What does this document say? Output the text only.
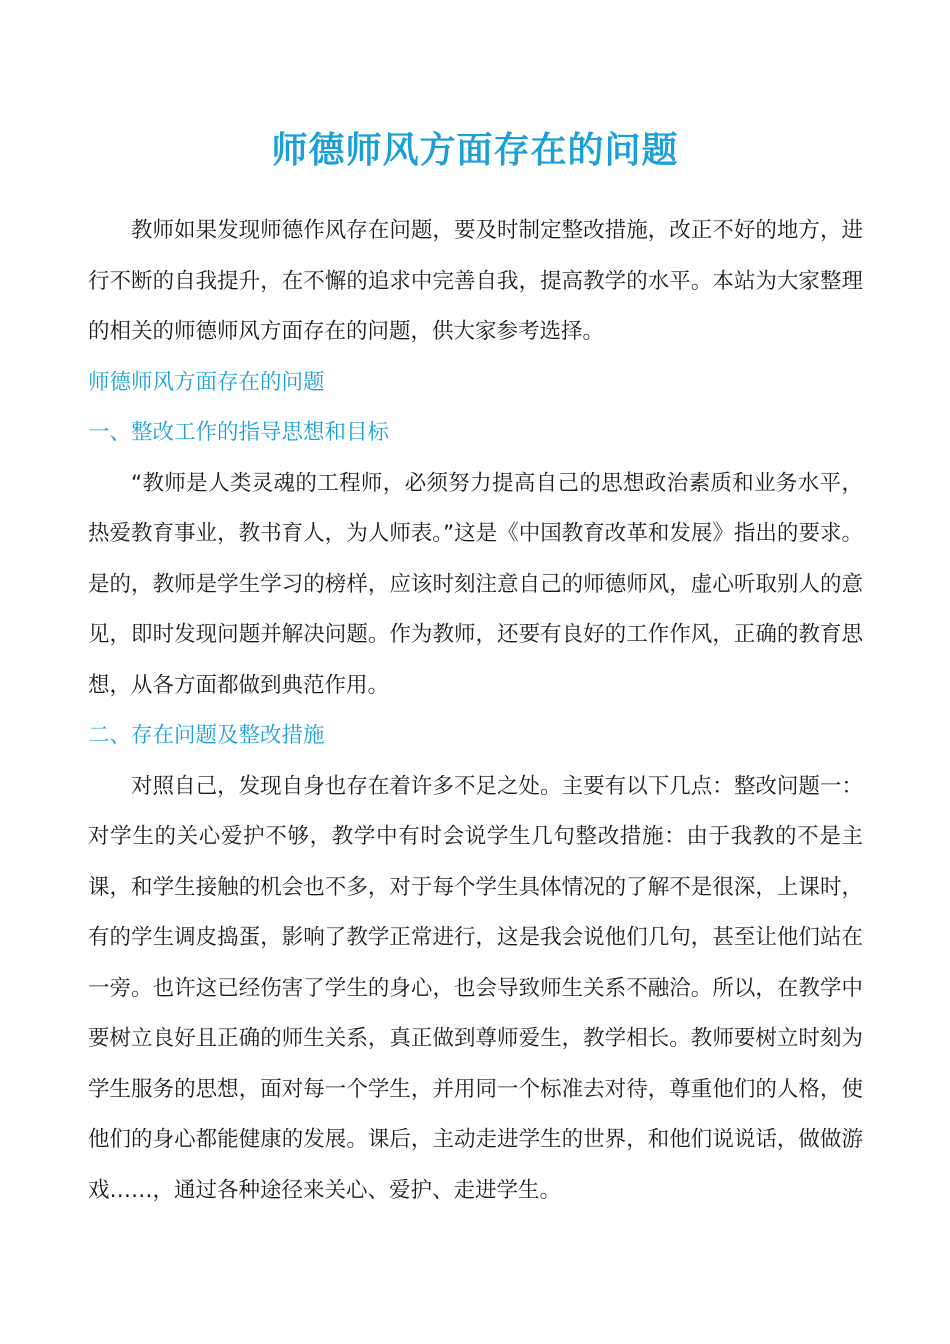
师德师风方面存在的问题

教师如果发现师德作风存在问题，要及时制定整改措施，改正不好的地方，进行不断的自我提升，在不懈的追求中完善自我，提高教学的水平。本站为大家整理的相关的师德师风方面存在的问题，供大家参考选择。

师德师风方面存在的问题

一、整改工作的指导思想和目标

“教师是人类灵魂的工程师，必须努力提高自己的思想政治素质和业务水平，热爱教育事业，教书育人，为人师表。”这是《中国教育改革和发展》指出的要求。是的，教师是学生学习的榜样，应该时刻注意自己的师德师风，虚心听取别人的意见，即时发现问题并解决问题。作为教师，还要有良好的工作作风，正确的教育思想，从各方面都做到典范作用。

二、存在问题及整改措施

对照自己，发现自身也存在着许多不足之处。主要有以下几点：整改问题一：对学生的关心爱护不够，教学中有时会说学生几句整改措施：由于我教的不是主课，和学生接触的机会也不多，对于每个学生具体情况的了解不是很深，上课时，有的学生调皮捣蛋，影响了教学正常进行，这是我会说他们几句，甚至让他们站在一旁。也许这已经伤害了学生的身心，也会导致师生关系不融洽。所以，在教学中要树立良好且正确的师生关系，真正做到尊师爱生，教学相长。教师要树立时刻为学生服务的思想，面对每一个学生，并用同一个标准去对待，尊重他们的人格，使他们的身心都能健康的发展。课后，主动走进学生的世界，和他们说说话，做做游戏……，通过各种途径来关心、爱护、走进学生。
